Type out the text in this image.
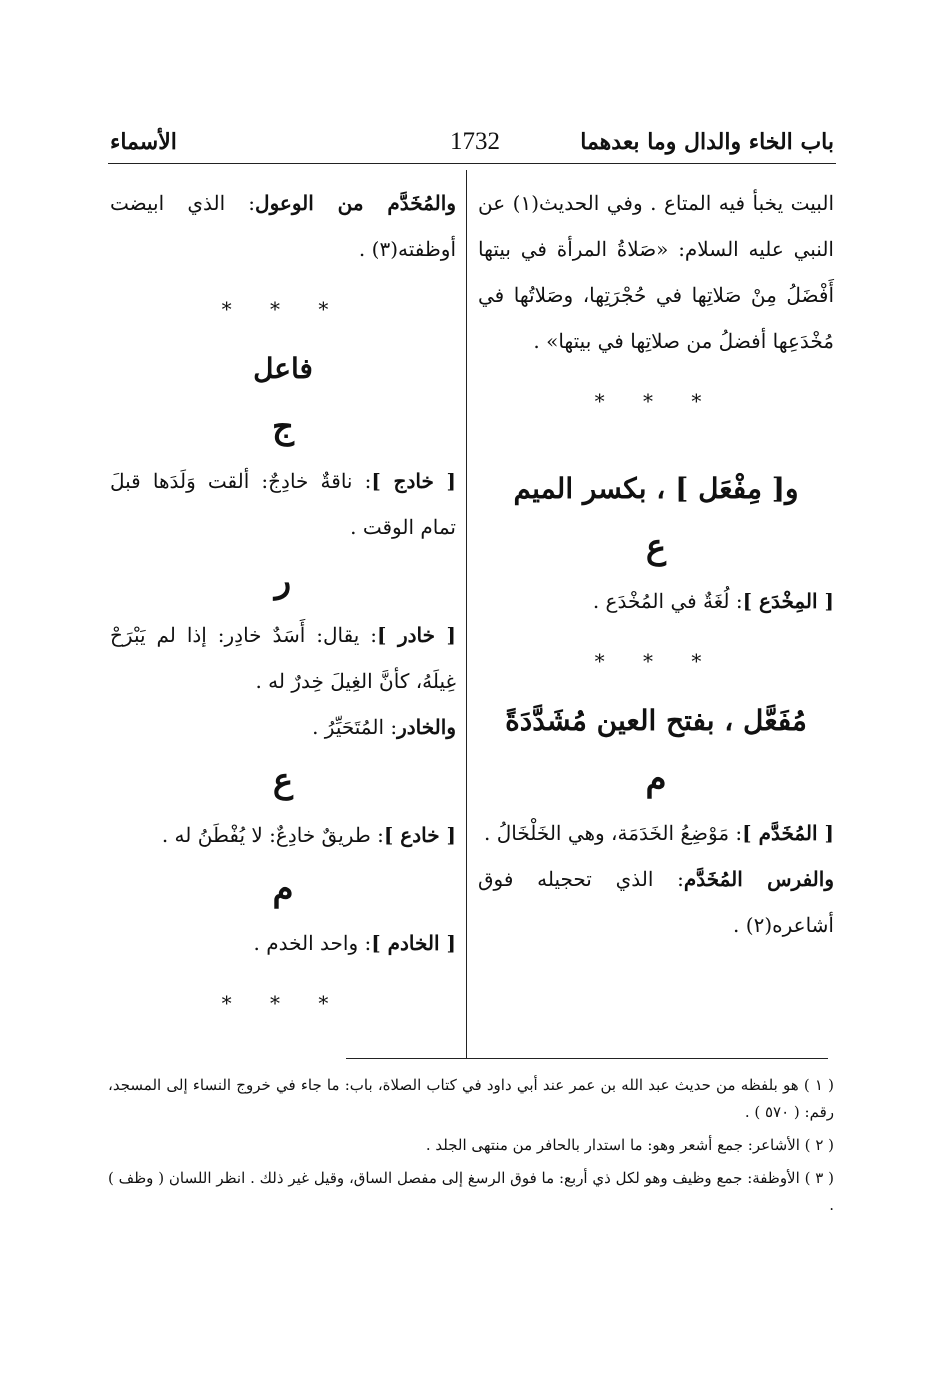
باب الخاء والدال وما بعدهما
1732
الأسماء

البيت يخبأ فيه المتاع . وفي الحديث(١) عن النبي عليه السلام: «صَلاةُ المرأة في بيتها أَفْضَلُ مِنْ صَلاتِها في حُجْرَتِها، وصَلاتُها في مُخْدَعِها أفضلُ من صلاتِها في بيتها» .

* * *
و[ مِفْعَل ] ، بكسر الميم
ع

[ المِخْدَع ]: لُغَةٌ في المُخْدَع .

* * *
مُفَعَّل ، بفتح العين مُشَدَّدَةً
م

[ المُخَدَّم ]: مَوْضِعُ الخَدَمَة، وهي الخَلْخَالُ .

والفرس المُخَدَّم: الذي تحجيله فوق أشاعره(٢) .

والمُخَدَّم من الوعول: الذي ابيضت أوظفته(٣) .

* * *
فاعل
ج

[ خادج ]: ناقةٌ خادِجٌ: ألقت وَلَدَها قبلَ تمام الوقت .

ر

[ خادر ]: يقال: أَسَدٌ خادِر: إذا لم يَبْرَحْ غِيلَهُ، كأنَّ الغِيلَ خِدرٌ له .

والخادر: المُتَحَيِّرُ .

ع

[ خادع ]: طريقٌ خادِعٌ: لا يُفْطَنُ له .

م

[ الخادم ]: واحد الخدم .

* * *

( ١ ) هو بلفظه من حديث عبد الله بن عمر عند أبي داود في كتاب الصلاة، باب: ما جاء في خروج النساء إلى المسجد، رقم: ( ٥٧٠ ) .

( ٢ ) الأشاعر: جمع أشعر وهو: ما استدار بالحافر من منتهى الجلد .

( ٣ ) الأوظفة: جمع وظيف وهو لكل ذي أربع: ما فوق الرسغ إلى مفصل الساق، وقيل غير ذلك . انظر اللسان ( وظف ) .
